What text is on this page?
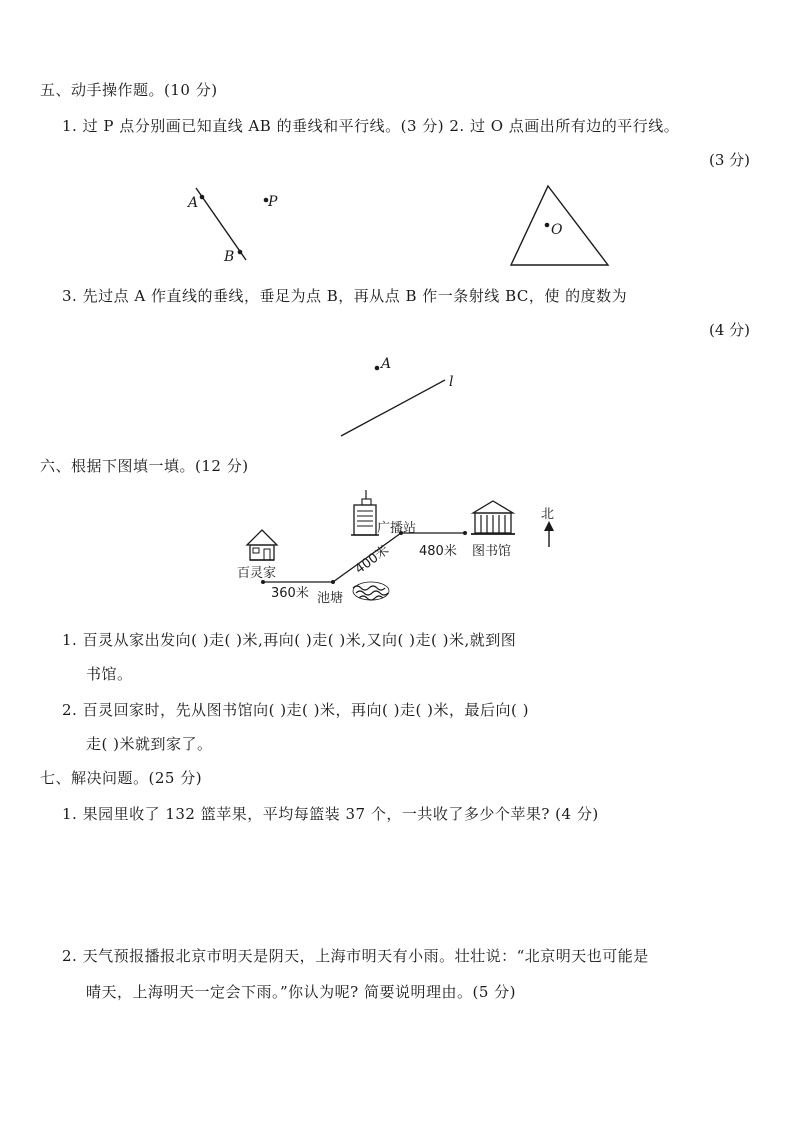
五、动手操作题。(10 分)
1. 过 P 点分别画已知直线 AB 的垂线和平行线。(3 分) 2. 过 O 点画出所有边的平行线。
(3 分)
A
B
P
O
3. 先过点 A 作直线的垂线，垂足为点 B，再从点 B 作一条射线 BC，使 的度数为
(4 分)
A
l
六、根据下图填一填。(12 分)
百灵家
广播站
图书馆
池塘
360米
400米 480米
北
1. 百灵从家出发向( )走( )米,再向( )走( )米,又向( )走( )米,就到图
书馆。
2. 百灵回家时，先从图书馆向( )走( )米，再向( )走( )米，最后向( )
走( )米就到家了。
七、解决问题。(25 分)
1. 果园里收了 132 篮苹果，平均每篮装 37 个，一共收了多少个苹果? (4 分)
2. 天气预报播报北京市明天是阴天，上海市明天有小雨。壮壮说：“北京明天也可能是
晴天，上海明天一定会下雨。”你认为呢? 简要说明理由。(5 分)
